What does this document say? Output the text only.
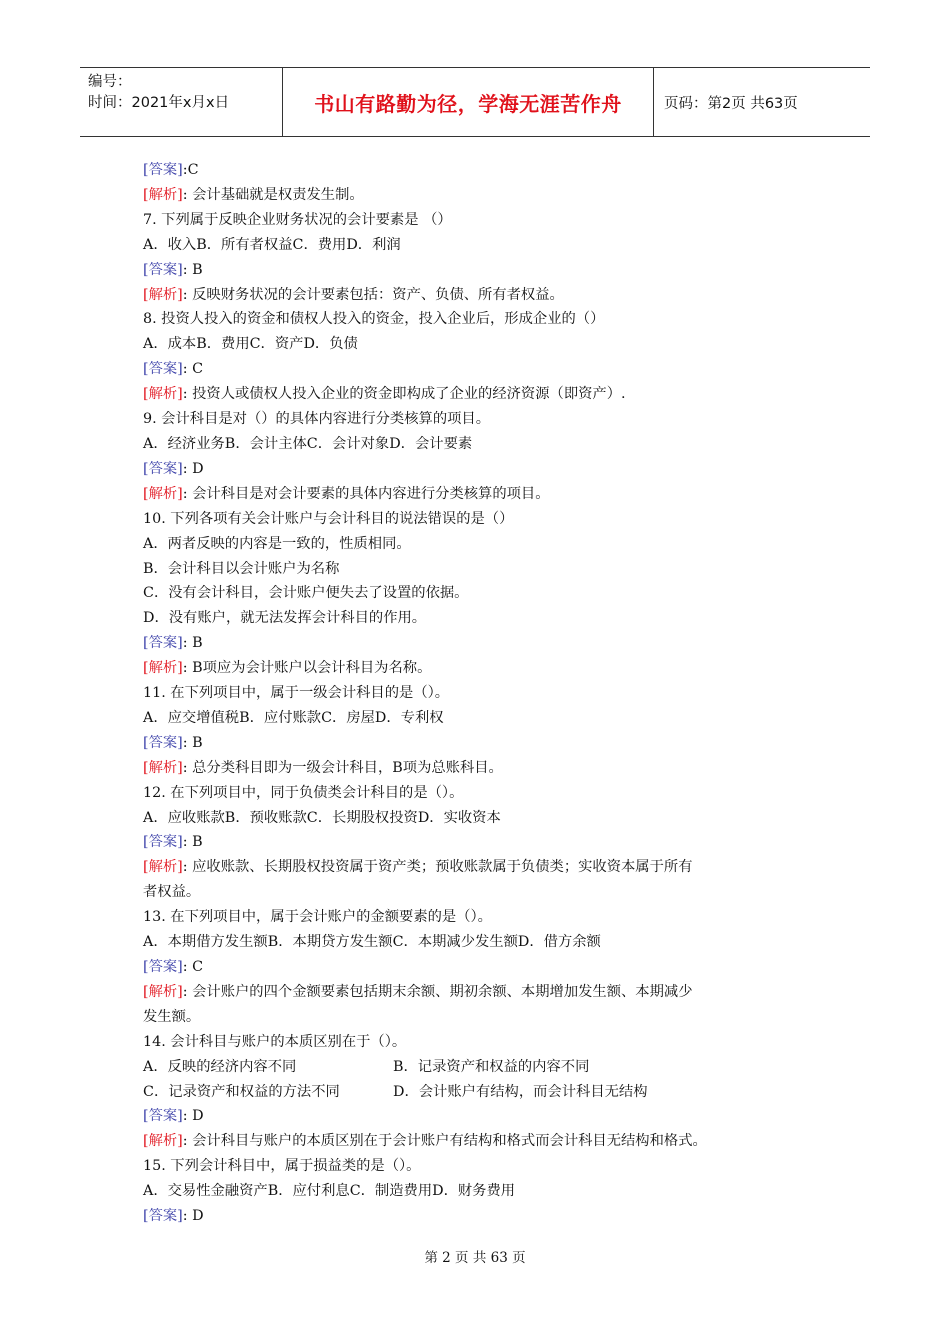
编号：
时间：2021年x月x日	书山有路勤为径，学海无涯苦作舟	页码：第2页 共63页
[答案]:C
[解析]: 会计基础就是权责发生制。
7. 下列属于反映企业财务状况的会计要素是 （）
A．收入B．所有者权益C．费用D．利润
[答案]: B
[解析]: 反映财务状况的会计要素包括：资产、负债、所有者权益。
8. 投资人投入的资金和债权人投入的资金，投入企业后，形成企业的（）
A．成本B．费用C．资产D．负债
[答案]: C
[解析]: 投资人或债权人投入企业的资金即构成了企业的经济资源（即资产）.
9. 会计科目是对（）的具体内容进行分类核算的项目。
A．经济业务B．会计主体C．会计对象D．会计要素
[答案]: D
[解析]: 会计科目是对会计要素的具体内容进行分类核算的项目。
10. 下列各项有关会计账户与会计科目的说法错误的是（）
A．两者反映的内容是一致的，性质相同。
B．会计科目以会计账户为名称
C．没有会计科目，会计账户便失去了设置的依据。
D．没有账户，就无法发挥会计科目的作用。
[答案]: B
[解析]: B项应为会计账户以会计科目为名称。
11. 在下列项目中，属于一级会计科目的是（）。
A．应交增值税B．应付账款C．房屋D．专利权
[答案]: B
[解析]: 总分类科目即为一级会计科目，B项为总账科目。
12. 在下列项目中，同于负债类会计科目的是（）。
A．应收账款B．预收账款C．长期股权投资D．实收资本
[答案]: B
[解析]: 应收账款、长期股权投资属于资产类；预收账款属于负债类；实收资本属于所有
者权益。
13. 在下列项目中，属于会计账户的金额要素的是（）。
A．本期借方发生额B．本期贷方发生额C．本期减少发生额D．借方余额
[答案]: C
[解析]: 会计账户的四个金额要素包括期末余额、期初余额、本期增加发生额、本期减少
发生额。
14. 会计科目与账户的本质区别在于（）。
A．反映的经济内容不同	B．记录资产和权益的内容不同
C．记录资产和权益的方法不同	D．会计账户有结构，而会计科目无结构
[答案]: D
[解析]: 会计科目与账户的本质区别在于会计账户有结构和格式而会计科目无结构和格式。
15. 下列会计科目中，属于损益类的是（）。
A．交易性金融资产B．应付利息C．制造费用D．财务费用
[答案]: D
第 2 页 共 63 页
